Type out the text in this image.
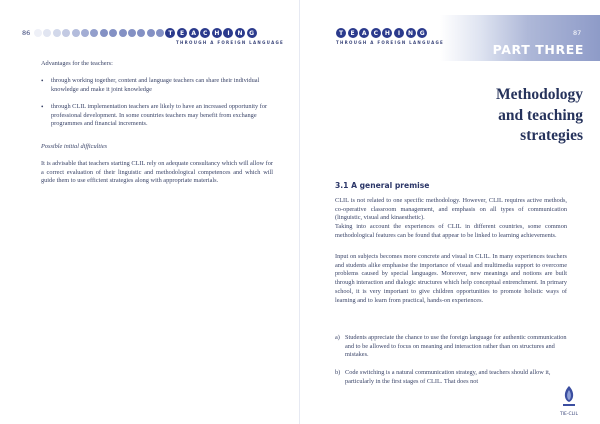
86	T	E	A	C	H	I	N	G
THROUGH A FOREIGN LANGUAGE
Advantages for the teachers:
• through working together, content and language teachers can share their individual knowledge and make it joint knowledge
• through CLIL implementation teachers are likely to have an increased opportunity for professional development. In some countries teachers may benefit from exchange programmes and financial increments.
Possible initial difficulties
It is advisable that teachers starting CLIL rely on adequate consultancy which will allow for a correct evaluation of their linguistic and methodological competences and which will guide them to use efficient strategies along with appropriate materials.
T	E	A	C	H	I	N	G
THROUGH A FOREIGN LANGUAGE
87
PART THREE
Methodology
and teaching
strategies
3.1 A general premise
CLIL is not related to one specific methodology. However, CLIL requires active methods, co-operative classroom management, and emphasis on all types of communication (linguistic, visual and kinaesthetic).
Taking into account the experiences of CLIL in different countries, some common methodological features can be found that appear to be linked to learning achievements.
Input on subjects becomes more concrete and visual in CLIL. In many experiences teachers and students alike emphasise the importance of visual and multimedia support to overcome problems caused by special languages. Moreover, new meanings and notions are built through interaction and dialogic structures which help conceptual entrenchment. In primary school, it is very important to give children opportunities to promote holistic ways of learning and to learn from practical, hands-on experiences.
a) Students appreciate the chance to use the foreign language for authentic communication and to be allowed to focus on meaning and interaction rather than on structures and mistakes.
b) Code switching is a natural communication strategy, and teachers should allow it, particularly in the first stages of CLIL. That does not
TIE-CLIL
